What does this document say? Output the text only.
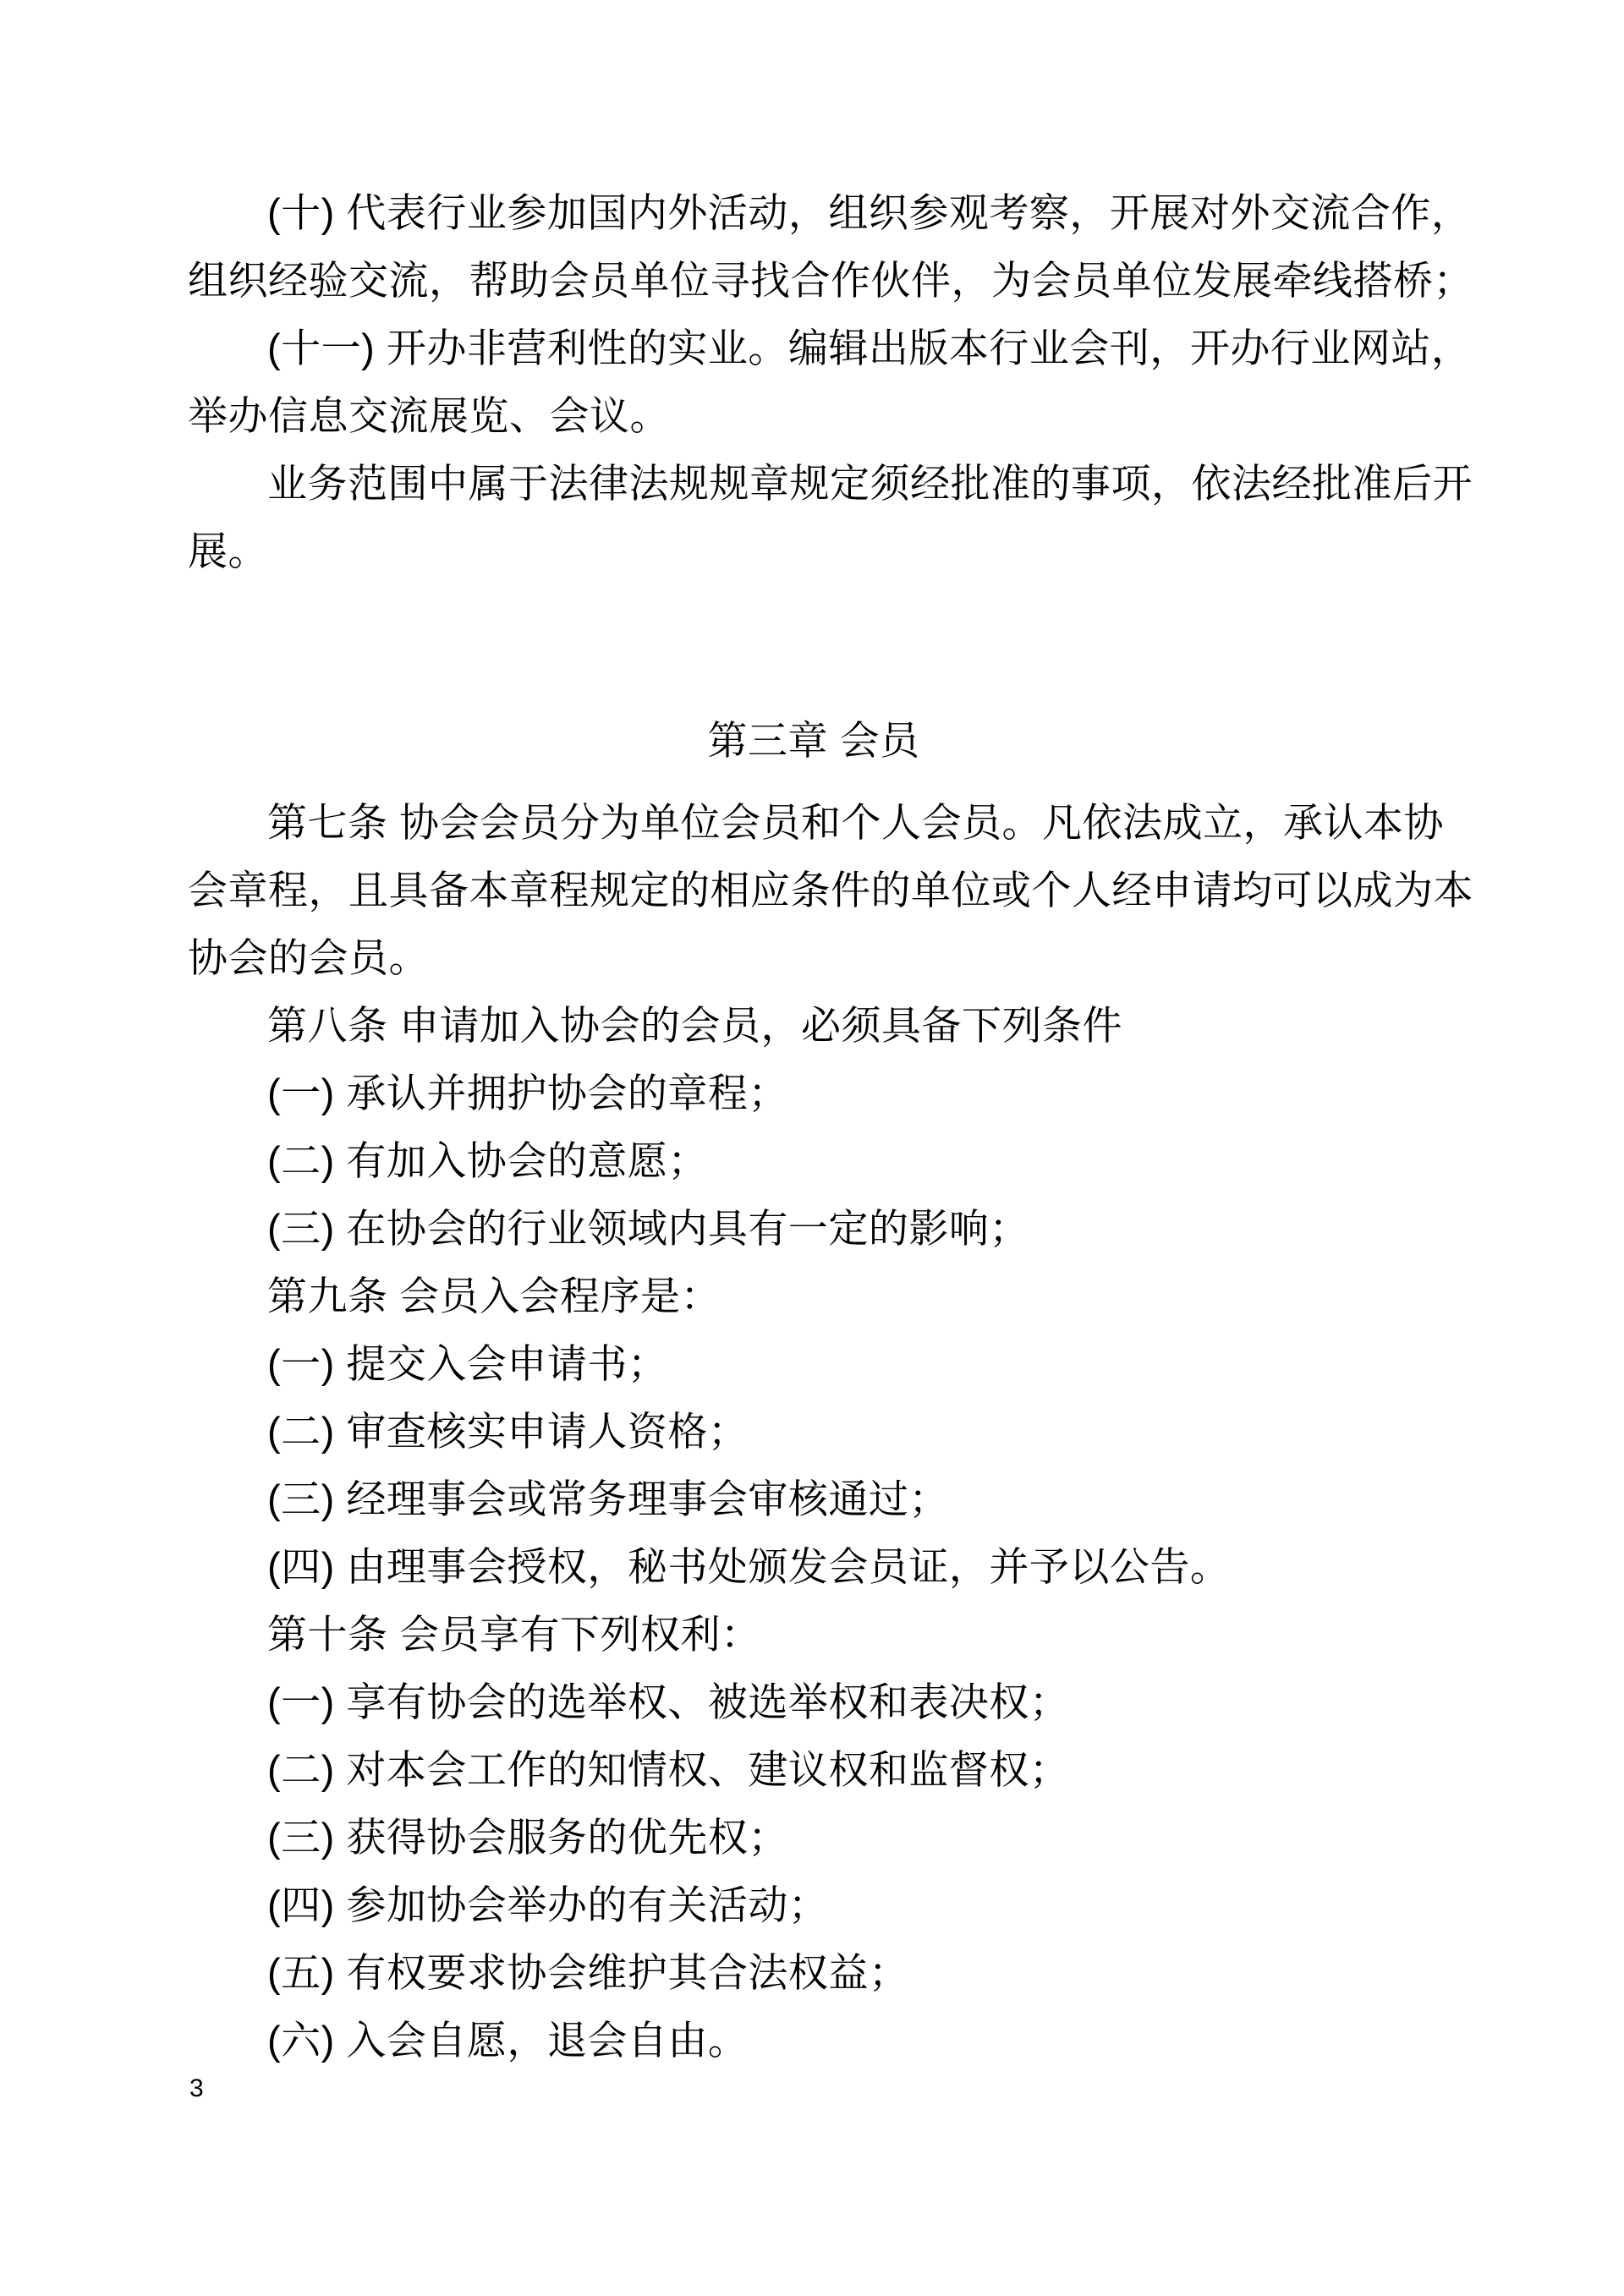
(十) 代表行业参加国内外活动，组织参观考察，开展对外交流合作，
组织经验交流，帮助会员单位寻找合作伙伴，为会员单位发展牵线搭桥；
(十一) 开办非营利性的实业。编辑出版本行业会刊，开办行业网站，
举办信息交流展览、会议。
业务范围中属于法律法规规章规定须经批准的事项，依法经批准后开
展。
第三章 会员
第七条 协会会员分为单位会员和个人会员。凡依法成立，承认本协
会章程，且具备本章程规定的相应条件的单位或个人经申请均可以成为本
协会的会员。
第八条 申请加入协会的会员，必须具备下列条件
(一) 承认并拥护协会的章程；
(二) 有加入协会的意愿；
(三) 在协会的行业领域内具有一定的影响；
第九条 会员入会程序是：
(一) 提交入会申请书；
(二) 审查核实申请人资格；
(三) 经理事会或常务理事会审核通过；
(四) 由理事会授权，秘书处颁发会员证，并予以公告。
第十条 会员享有下列权利：
(一) 享有协会的选举权、被选举权和表决权；
(二) 对本会工作的知情权、建议权和监督权；
(三) 获得协会服务的优先权；
(四) 参加协会举办的有关活动；
(五) 有权要求协会维护其合法权益；
(六) 入会自愿，退会自由。
3
